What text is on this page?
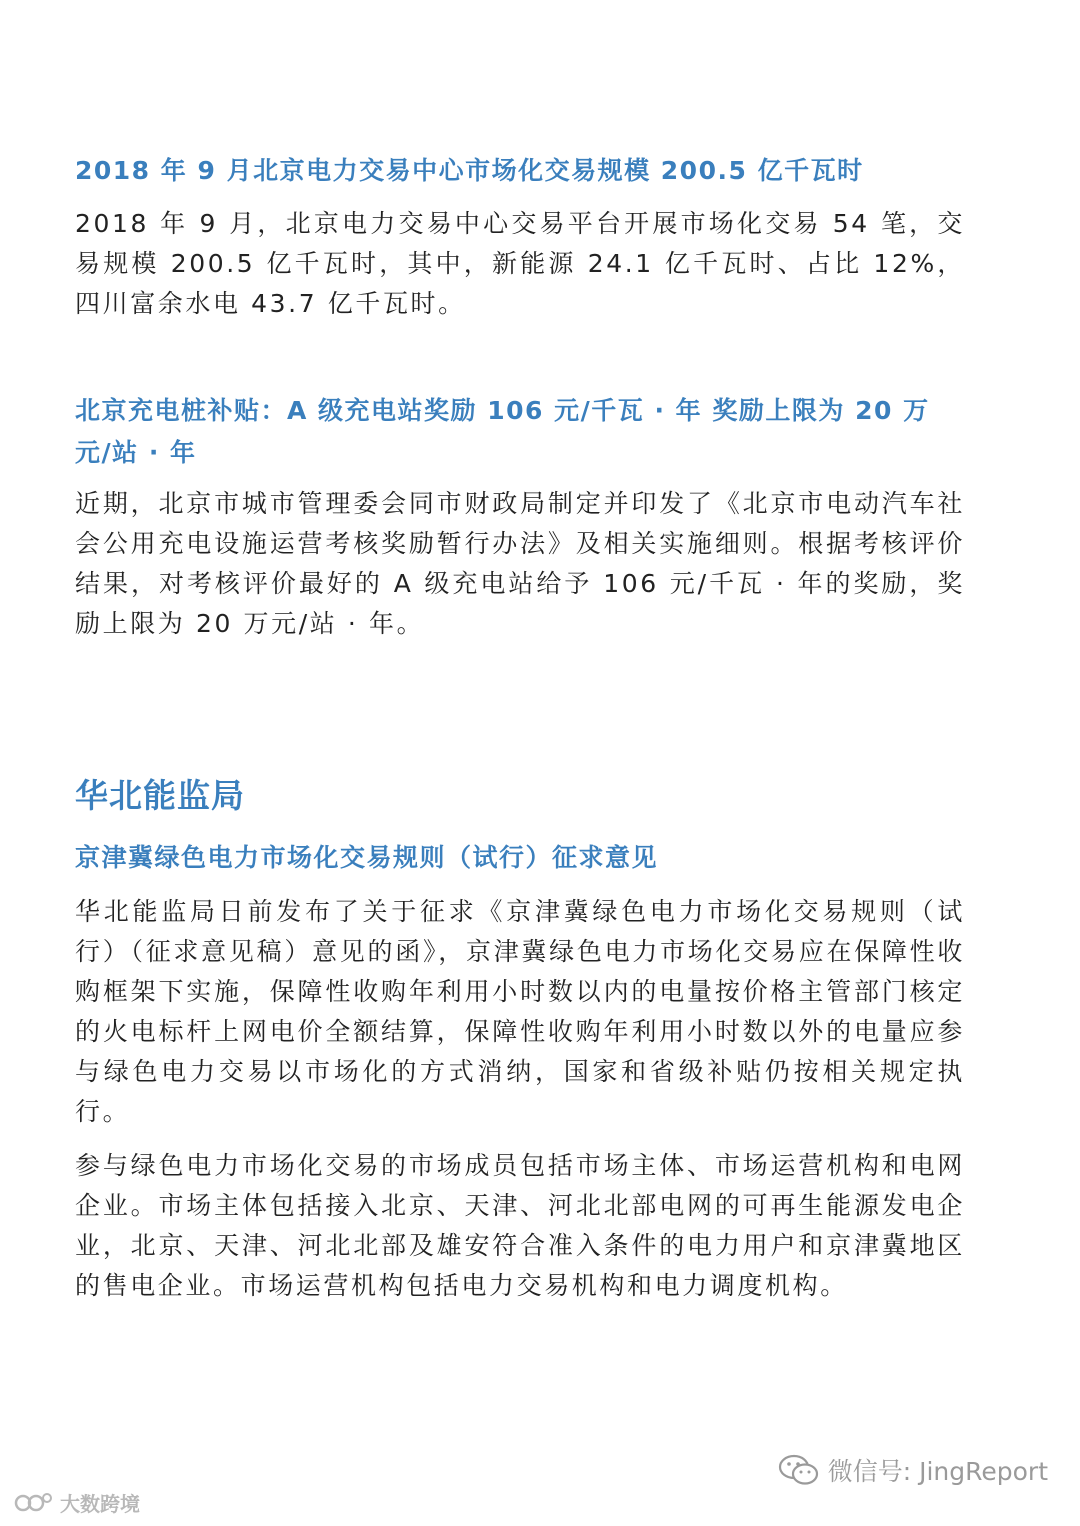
2018 年 9 月北京电力交易中心市场化交易规模 200.5 亿千瓦时

2018 年 9 月，北京电力交易中心交易平台开展市场化交易 54 笔，交易规模 200.5 亿千瓦时，其中，新能源 24.1 亿千瓦时、占比 12%，四川富余水电 43.7 亿千瓦时。

北京充电桩补贴：A 级充电站奖励 106 元/千瓦 · 年 奖励上限为 20 万元/站 · 年

近期，北京市城市管理委会同市财政局制定并印发了《北京市电动汽车社会公用充电设施运营考核奖励暂行办法》及相关实施细则。根据考核评价结果，对考核评价最好的 A 级充电站给予 106 元/千瓦 · 年的奖励，奖励上限为 20 万元/站 · 年。

华北能监局
京津冀绿色电力市场化交易规则（试行）征求意见

华北能监局日前发布了关于征求《京津冀绿色电力市场化交易规则（试行）（征求意见稿）意见的函》，京津冀绿色电力市场化交易应在保障性收购框架下实施，保障性收购年利用小时数以内的电量按价格主管部门核定的火电标杆上网电价全额结算，保障性收购年利用小时数以外的电量应参与绿色电力交易以市场化的方式消纳，国家和省级补贴仍按相关规定执行。

参与绿色电力市场化交易的市场成员包括市场主体、市场运营机构和电网企业。市场主体包括接入北京、天津、河北北部电网的可再生能源发电企业，北京、天津、河北北部及雄安符合准入条件的电力用户和京津冀地区的售电企业。市场运营机构包括电力交易机构和电力调度机构。

微信号: JingReport
大数跨境
